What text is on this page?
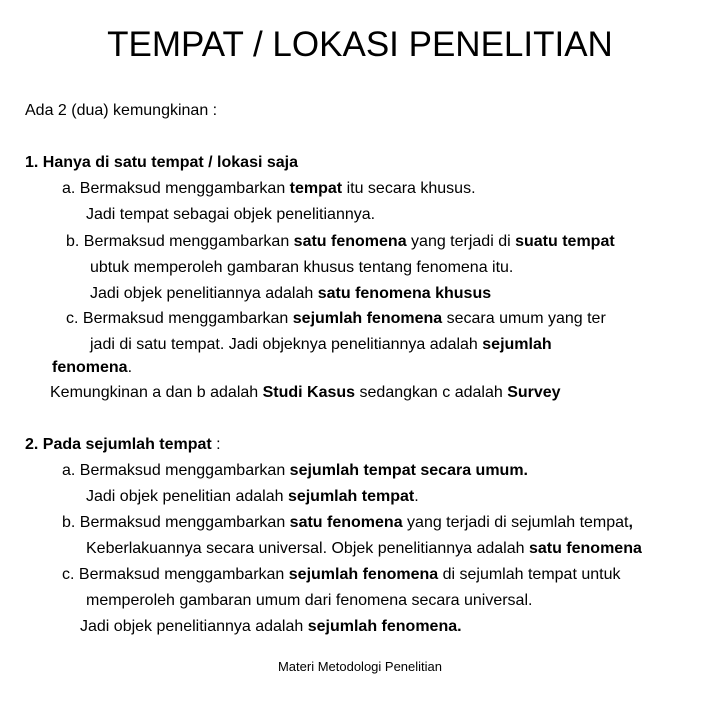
TEMPAT / LOKASI PENELITIAN
Ada 2 (dua) kemungkinan :
1. Hanya di satu tempat / lokasi saja
a. Bermaksud menggambarkan tempat itu secara khusus.
Jadi tempat sebagai objek penelitiannya.
b. Bermaksud menggambarkan satu fenomena yang terjadi di suatu tempat
ubtuk memperoleh gambaran khusus tentang fenomena itu.
Jadi objek penelitiannya adalah satu fenomena khusus
c. Bermaksud menggambarkan sejumlah fenomena secara umum yang ter
jadi di satu tempat. Jadi objeknya penelitiannya adalah sejumlah
fenomena.
Kemungkinan a dan b adalah Studi Kasus sedangkan c adalah Survey
2. Pada sejumlah tempat :
a. Bermaksud menggambarkan sejumlah tempat secara umum.
Jadi objek penelitian adalah sejumlah tempat.
b. Bermaksud menggambarkan satu fenomena yang terjadi di sejumlah tempat,
Keberlakuannya secara universal. Objek penelitiannya adalah satu fenomena
c. Bermaksud menggambarkan sejumlah fenomena di sejumlah tempat untuk
memperoleh gambaran umum dari fenomena secara universal.
Jadi objek penelitiannya adalah sejumlah fenomena.
Materi Metodologi Penelitian
